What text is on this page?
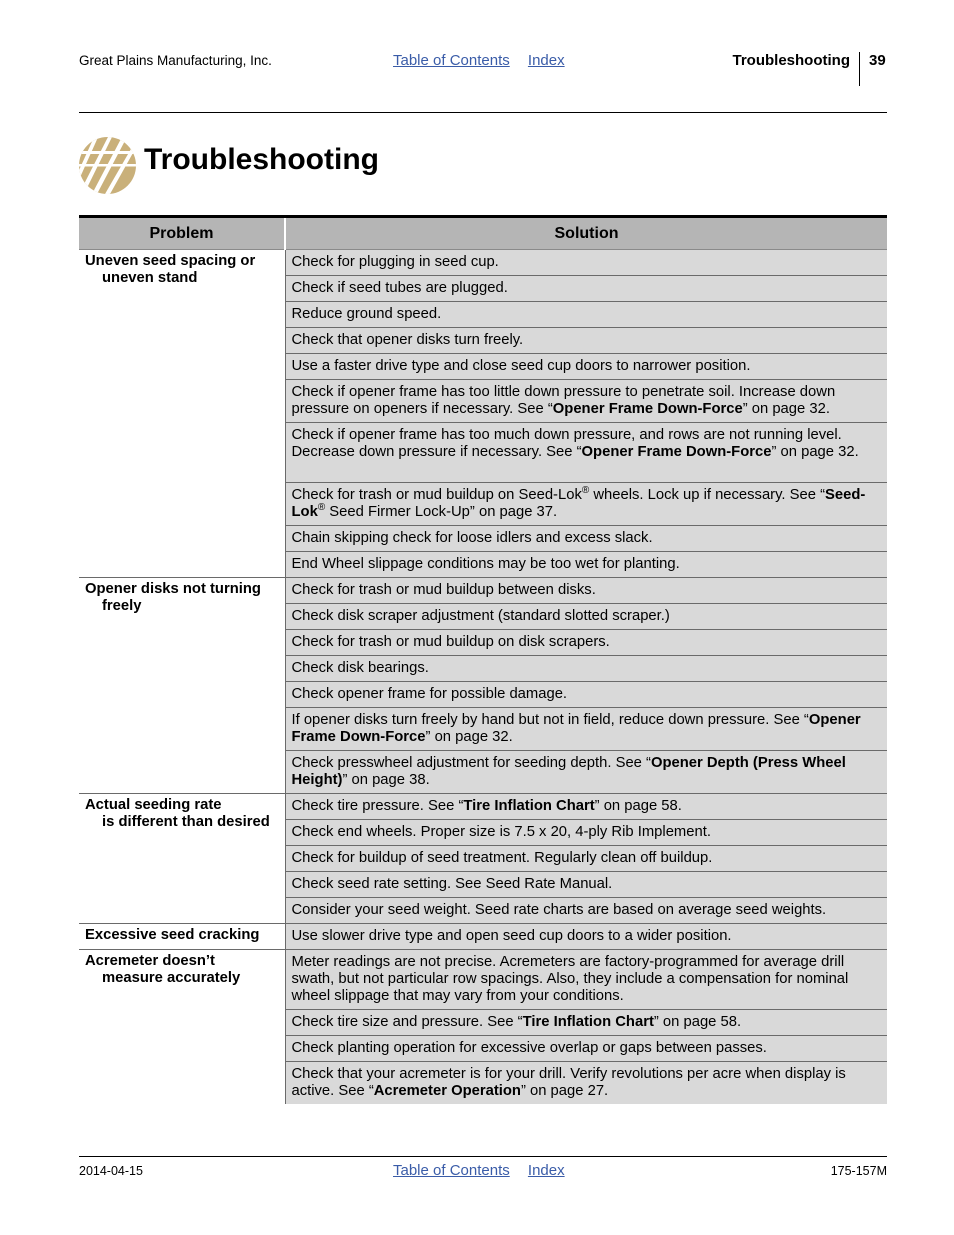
Great Plains Manufacturing, Inc.	Table of Contents Index	Troubleshooting 39
Troubleshooting
Problem	Solution

Uneven seed spacing or
uneven stand	Check for plugging in seed cup.

	Check if seed tubes are plugged.

	Reduce ground speed.

	Check that opener disks turn freely.

	Use a faster drive type and close seed cup doors to narrower position.

	Check if opener frame has too little down pressure to penetrate soil. Increase down pressure on openers if necessary. See “Opener Frame Down-Force” on page 32.

	Check if opener frame has too much down pressure, and rows are not running level. Decrease down pressure if necessary. See “Opener Frame Down-Force” on page 32.

	Check for trash or mud buildup on Seed-Lok® wheels. Lock up if necessary. See “Seed-Lok® Seed Firmer Lock-Up” on page 37.

	Chain skipping check for loose idlers and excess slack.

	End Wheel slippage conditions may be too wet for planting.

Opener disks not turning
freely	Check for trash or mud buildup between disks.

	Check disk scraper adjustment (standard slotted scraper.)

	Check for trash or mud buildup on disk scrapers.

	Check disk bearings.

	Check opener frame for possible damage.

	If opener disks turn freely by hand but not in field, reduce down pressure. See “Opener Frame Down-Force” on page 32.

	Check presswheel adjustment for seeding depth. See “Opener Depth (Press Wheel Height)” on page 38.

Actual seeding rate
is different than desired	Check tire pressure. See “Tire Inflation Chart” on page 58.

	Check end wheels. Proper size is 7.5 x 20, 4-ply Rib Implement.

	Check for buildup of seed treatment. Regularly clean off buildup.

	Check seed rate setting. See Seed Rate Manual.

	Consider your seed weight. Seed rate charts are based on average seed weights.

Excessive seed cracking	Use slower drive type and open seed cup doors to a wider position.

Acremeter doesn’t
measure accurately	Meter readings are not precise. Acremeters are factory-programmed for average drill swath, but not particular row spacings. Also, they include a compensation for nominal wheel slippage that may vary from your conditions.

	Check tire size and pressure. See “Tire Inflation Chart” on page 58.

	Check planting operation for excessive overlap or gaps between passes.

	Check that your acremeter is for your drill. Verify revolutions per acre when display is active. See “Acremeter Operation” on page 27.
2014-04-15	Table of Contents Index	175-157M
